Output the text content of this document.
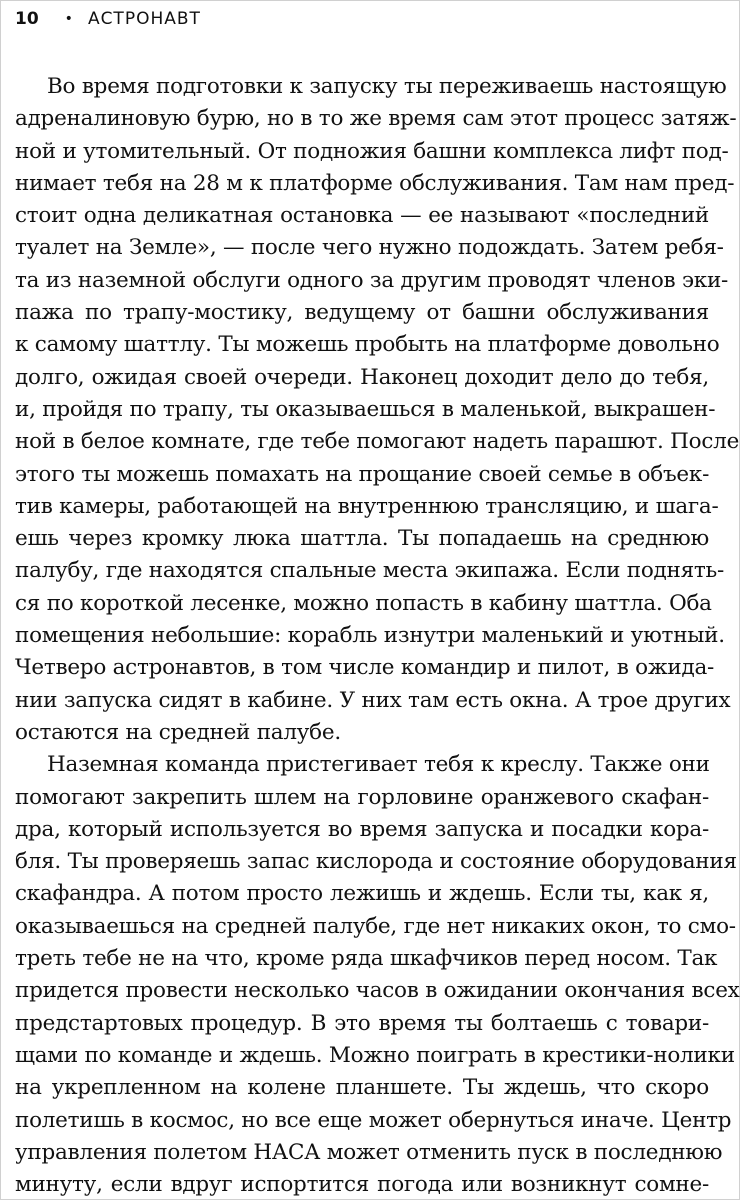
10 • АСТРОНАВТ
Во время подготовки к запуску ты переживаешь настоящую
адреналиновую бурю, но в то же время сам этот процесс затяж-
ной и утомительный. От подножия башни комплекса лифт под-
нимает тебя на 28 м к платформе обслуживания. Там нам пред-
стоит одна деликатная остановка — ее называют «последний
туалет на Земле», — после чего нужно подождать. Затем ребя-
та из наземной обслуги одного за другим проводят членов эки-
пажа по трапу-мостику, ведущему от башни обслуживания
к самому шаттлу. Ты можешь пробыть на платформе довольно
долго, ожидая своей очереди. Наконец доходит дело до тебя,
и, пройдя по трапу, ты оказываешься в маленькой, выкрашен-
ной в белое комнате, где тебе помогают надеть парашют. После
этого ты можешь помахать на прощание своей семье в объек-
тив камеры, работающей на внутреннюю трансляцию, и шага-
ешь через кромку люка шаттла. Ты попадаешь на среднюю
палубу, где находятся спальные места экипажа. Если поднять-
ся по короткой лесенке, можно попасть в кабину шаттла. Оба
помещения небольшие: корабль изнутри маленький и уютный.
Четверо астронавтов, в том числе командир и пилот, в ожида-
нии запуска сидят в кабине. У них там есть окна. А трое других
остаются на средней палубе.
Наземная команда пристегивает тебя к креслу. Также они
помогают закрепить шлем на горловине оранжевого скафан-
дра, который используется во время запуска и посадки кора-
бля. Ты проверяешь запас кислорода и состояние оборудования
скафандра. А потом просто лежишь и ждешь. Если ты, как я,
оказываешься на средней палубе, где нет никаких окон, то смо-
треть тебе не на что, кроме ряда шкафчиков перед носом. Так
придется провести несколько часов в ожидании окончания всех
предстартовых процедур. В это время ты болтаешь с товари-
щами по команде и ждешь. Можно поиграть в крестики-нолики
на укрепленном на колене планшете. Ты ждешь, что скоро
полетишь в космос, но все еще может обернуться иначе. Центр
управления полетом НАСА может отменить пуск в последнюю
минуту, если вдруг испортится погода или возникнут сомне-
